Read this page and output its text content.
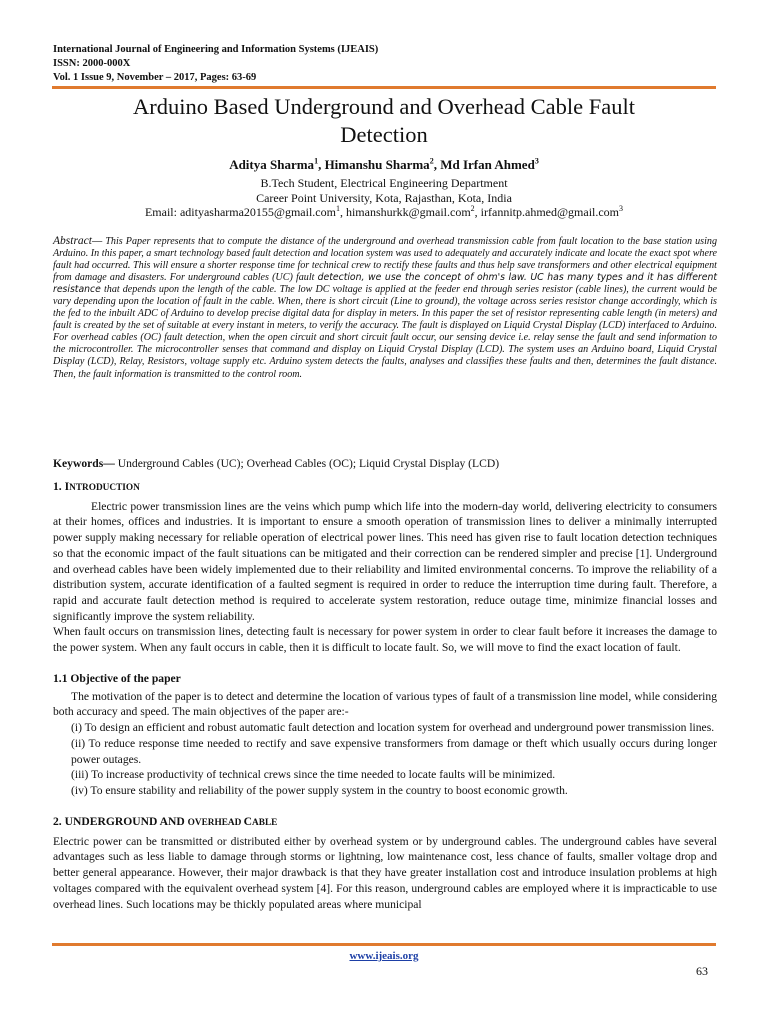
International Journal of Engineering and Information Systems (IJEAIS)
ISSN: 2000-000X
Vol. 1 Issue 9, November – 2017, Pages: 63-69
Arduino Based Underground and Overhead Cable Fault
Detection
Aditya Sharma$^1$, Himanshu Sharma$^2$, Md Irfan Ahmed$^3$
B.Tech Student, Electrical Engineering Department
Career Point University, Kota, Rajasthan, Kota, India
Email: adityasharma20155@gmail.com$^1$, himanshurkk@gmail.com$^2$, irfannitp.ahmed@gmail.com$^3$
Abstract— This Paper represents that to compute the distance of the underground and overhead transmission cable from fault location to the base station using Arduino. In this paper, a smart technology based fault detection and location system was used to adequately and accurately indicate and locate the exact spot where fault had occurred. This will ensure a shorter response time for technical crew to rectify these faults and thus help save transformers and other electrical equipment from damage and disasters. For underground cables (UC) fault detection, we use the concept of ohm's law. UC has many types and it has different resistance that depends upon the length of the cable. The low DC voltage is applied at the feeder end through series resistor (cable lines), the current would be vary depending upon the location of fault in the cable. When, there is short circuit (Line to ground), the voltage across series resistor change accordingly, which is the fed to the inbuilt ADC of Arduino to develop precise digital data for display in meters. In this paper the set of resistor representing cable length (in meters) and fault is created by the set of suitable at every instant in meters, to verify the accuracy. The fault is displayed on Liquid Crystal Display (LCD) interfaced to Arduino. For overhead cables (OC) fault detection, when the open circuit and short circuit fault occur, our sensing device i.e. relay sense the fault and send information to the microcontroller. The microcontroller senses that command and display on Liquid Crystal Display (LCD). The system uses an Arduino board, Liquid Crystal Display (LCD), Relay, Resistors, voltage supply etc. Arduino system detects the faults, analyses and classifies these faults and then, determines the fault distance. Then, the fault information is transmitted to the control room.
Keywords— Underground Cables (UC); Overhead Cables (OC); Liquid Crystal Display (LCD)

1. INTRODUCTION

Electric power transmission lines are the veins which pump which life into the modern-day world, delivering electricity to consumers at their homes, offices and industries. It is important to ensure a smooth operation of transmission lines to deliver a minimally interrupted power supply making necessary for reliable operation of electrical power lines. This need has given rise to fault location detection techniques so that the economic impact of the fault situations can be mitigated and their correction can be rendered simpler and precise [1]. Underground and overhead cables have been widely implemented due to their reliability and limited environmental concerns. To improve the reliability of a distribution system, accurate identification of a faulted segment is required in order to reduce the interruption time during fault. Therefore, a rapid and accurate fault detection method is required to accelerate system restoration, reduce outage time, minimize financial losses and significantly improve the system reliability.

When fault occurs on transmission lines, detecting fault is necessary for power system in order to clear fault before it increases the damage to the power system. When any fault occurs in cable, then it is difficult to locate fault. So, we will move to find the exact location of fault.

1.1 Objective of the paper

The motivation of the paper is to detect and determine the location of various types of fault of a transmission line model, while considering both accuracy and speed. The main objectives of the paper are:-

(i) To design an efficient and robust automatic fault detection and location system for overhead and underground power transmission lines.

(ii) To reduce response time needed to rectify and save expensive transformers from damage or theft which usually occurs during longer power outages.

(iii) To increase productivity of technical crews since the time needed to locate faults will be minimized.

(iv) To ensure stability and reliability of the power supply system in the country to boost economic growth.

2. UNDERGROUND AND OVERHEAD CABLE

Electric power can be transmitted or distributed either by overhead system or by underground cables. The underground cables have several advantages such as less liable to damage through storms or lightning, low maintenance cost, less chance of faults, smaller voltage drop and better general appearance. However, their major drawback is that they have greater installation cost and introduce insulation problems at high voltages compared with the equivalent overhead system [4]. For this reason, underground cables are employed where it is impracticable to use overhead lines. Such locations may be thickly populated areas where municipal

www.ijeais.org
63
